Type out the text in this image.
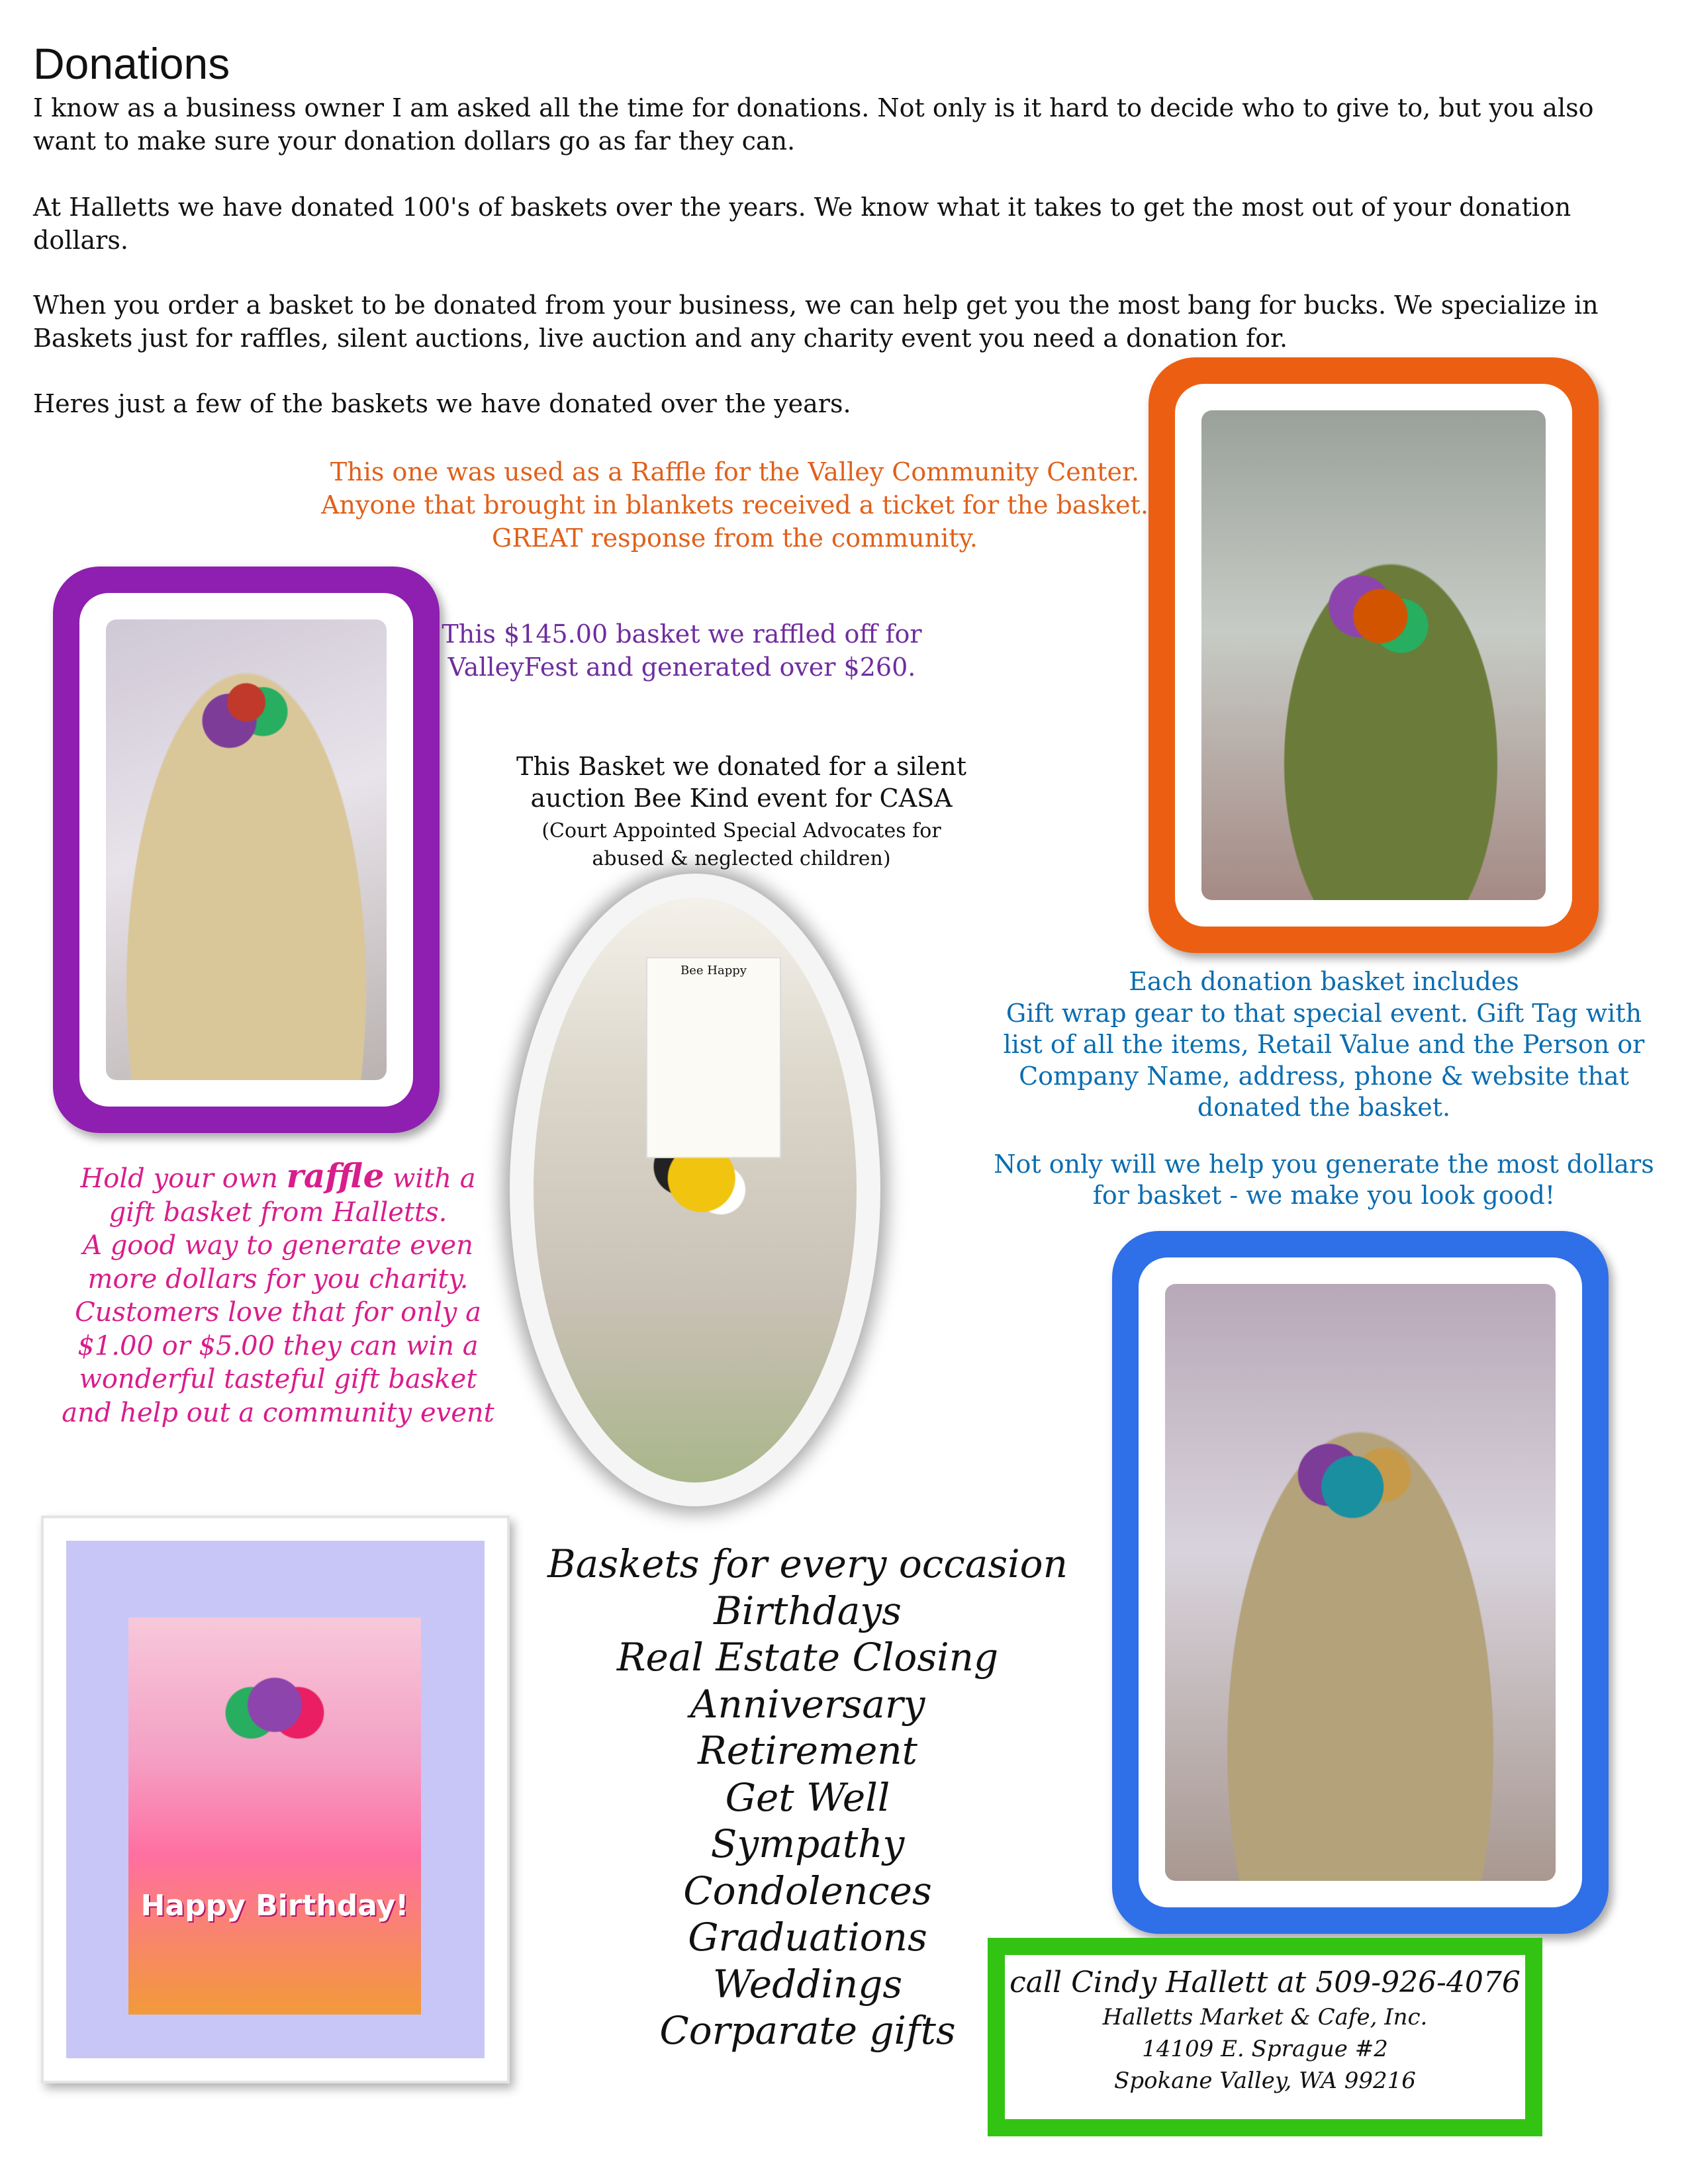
Donations
I know as a business owner I am asked all the time for donations. Not only is it hard to decide who to give to, but you also
want to make sure your donation dollars go as far they can.
At Halletts we have donated 100's of baskets over the years. We know what it takes to get the most out of your donation
dollars.
When you order a basket to be donated from your business, we can help get you the most bang for bucks. We specialize in
Baskets just for raffles, silent auctions, live auction and any charity event you need a donation for.
Heres just a few of the baskets we have donated over the years.
This one was used as a Raffle for the Valley Community Center.
Anyone that brought in blankets received a ticket for the basket.
GREAT response from the community.
This $145.00 basket we raffled off for
ValleyFest and generated over $260.
This Basket we donated for a silent
auction Bee Kind event for CASA
(Court Appointed Special Advocates for
abused & neglected children)
Bee Happy	Each donation basket includes
Gift wrap gear to that special event. Gift Tag with
list of all the items, Retail Value and the Person or
Company Name, address, phone & website that
donated the basket.
Not only will we help you generate the most dollars
for basket - we make you look good!
Hold your own raffle with a
gift basket from Halletts.
A good way to generate even
more dollars for you charity.
Customers love that for only a
$1.00 or $5.00 they can win a
wonderful tasteful gift basket
and help out a community event
Happy Birthday!
Baskets for every occasion
Birthdays
Real Estate Closing
Anniversary
Retirement
Get Well
Sympathy
Condolences
Graduations
Weddings
Corparate gifts
call Cindy Hallett at 509-926-4076
Halletts Market & Cafe, Inc.
14109 E. Sprague #2
Spokane Valley, WA 99216
